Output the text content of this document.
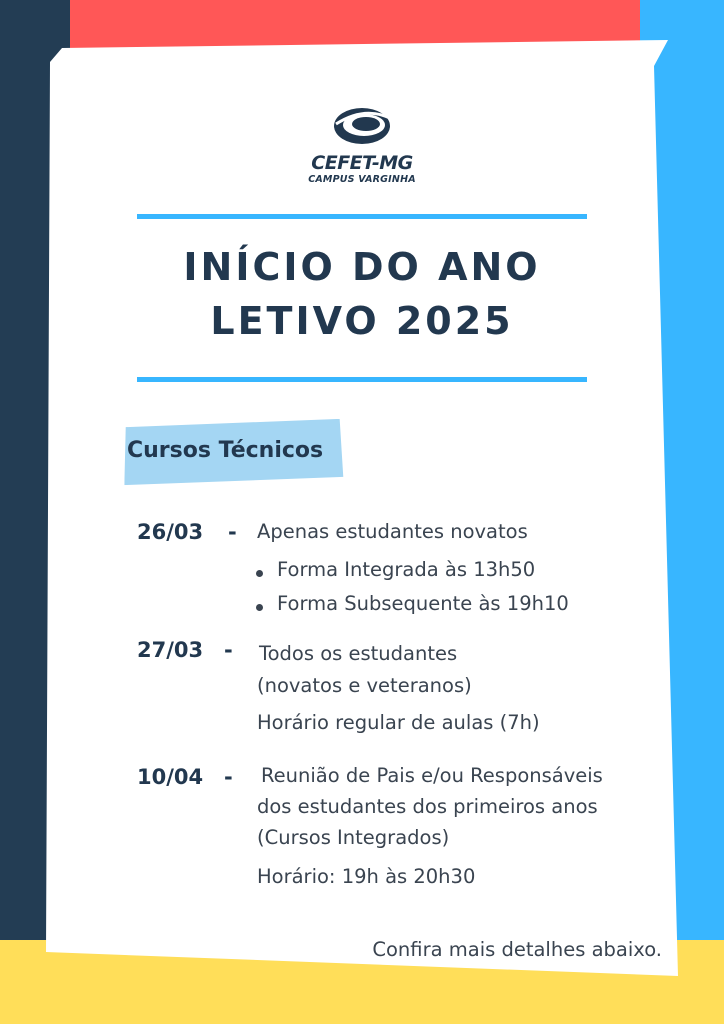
CEFET-MG
CAMPUS VARGINHA
INÍCIO DO ANO
LETIVO 2025
Cursos Técnicos
26/03 - Apenas estudantes novatos
Forma Integrada às 13h50
Forma Subsequente às 19h10
27/03 - Todos os estudantes
(novatos e veteranos)
Horário regular de aulas (7h)
10/04 - Reunião de Pais e/ou Responsáveis
dos estudantes dos primeiros anos
(Cursos Integrados)
Horário: 19h às 20h30
Confira mais detalhes abaixo.
